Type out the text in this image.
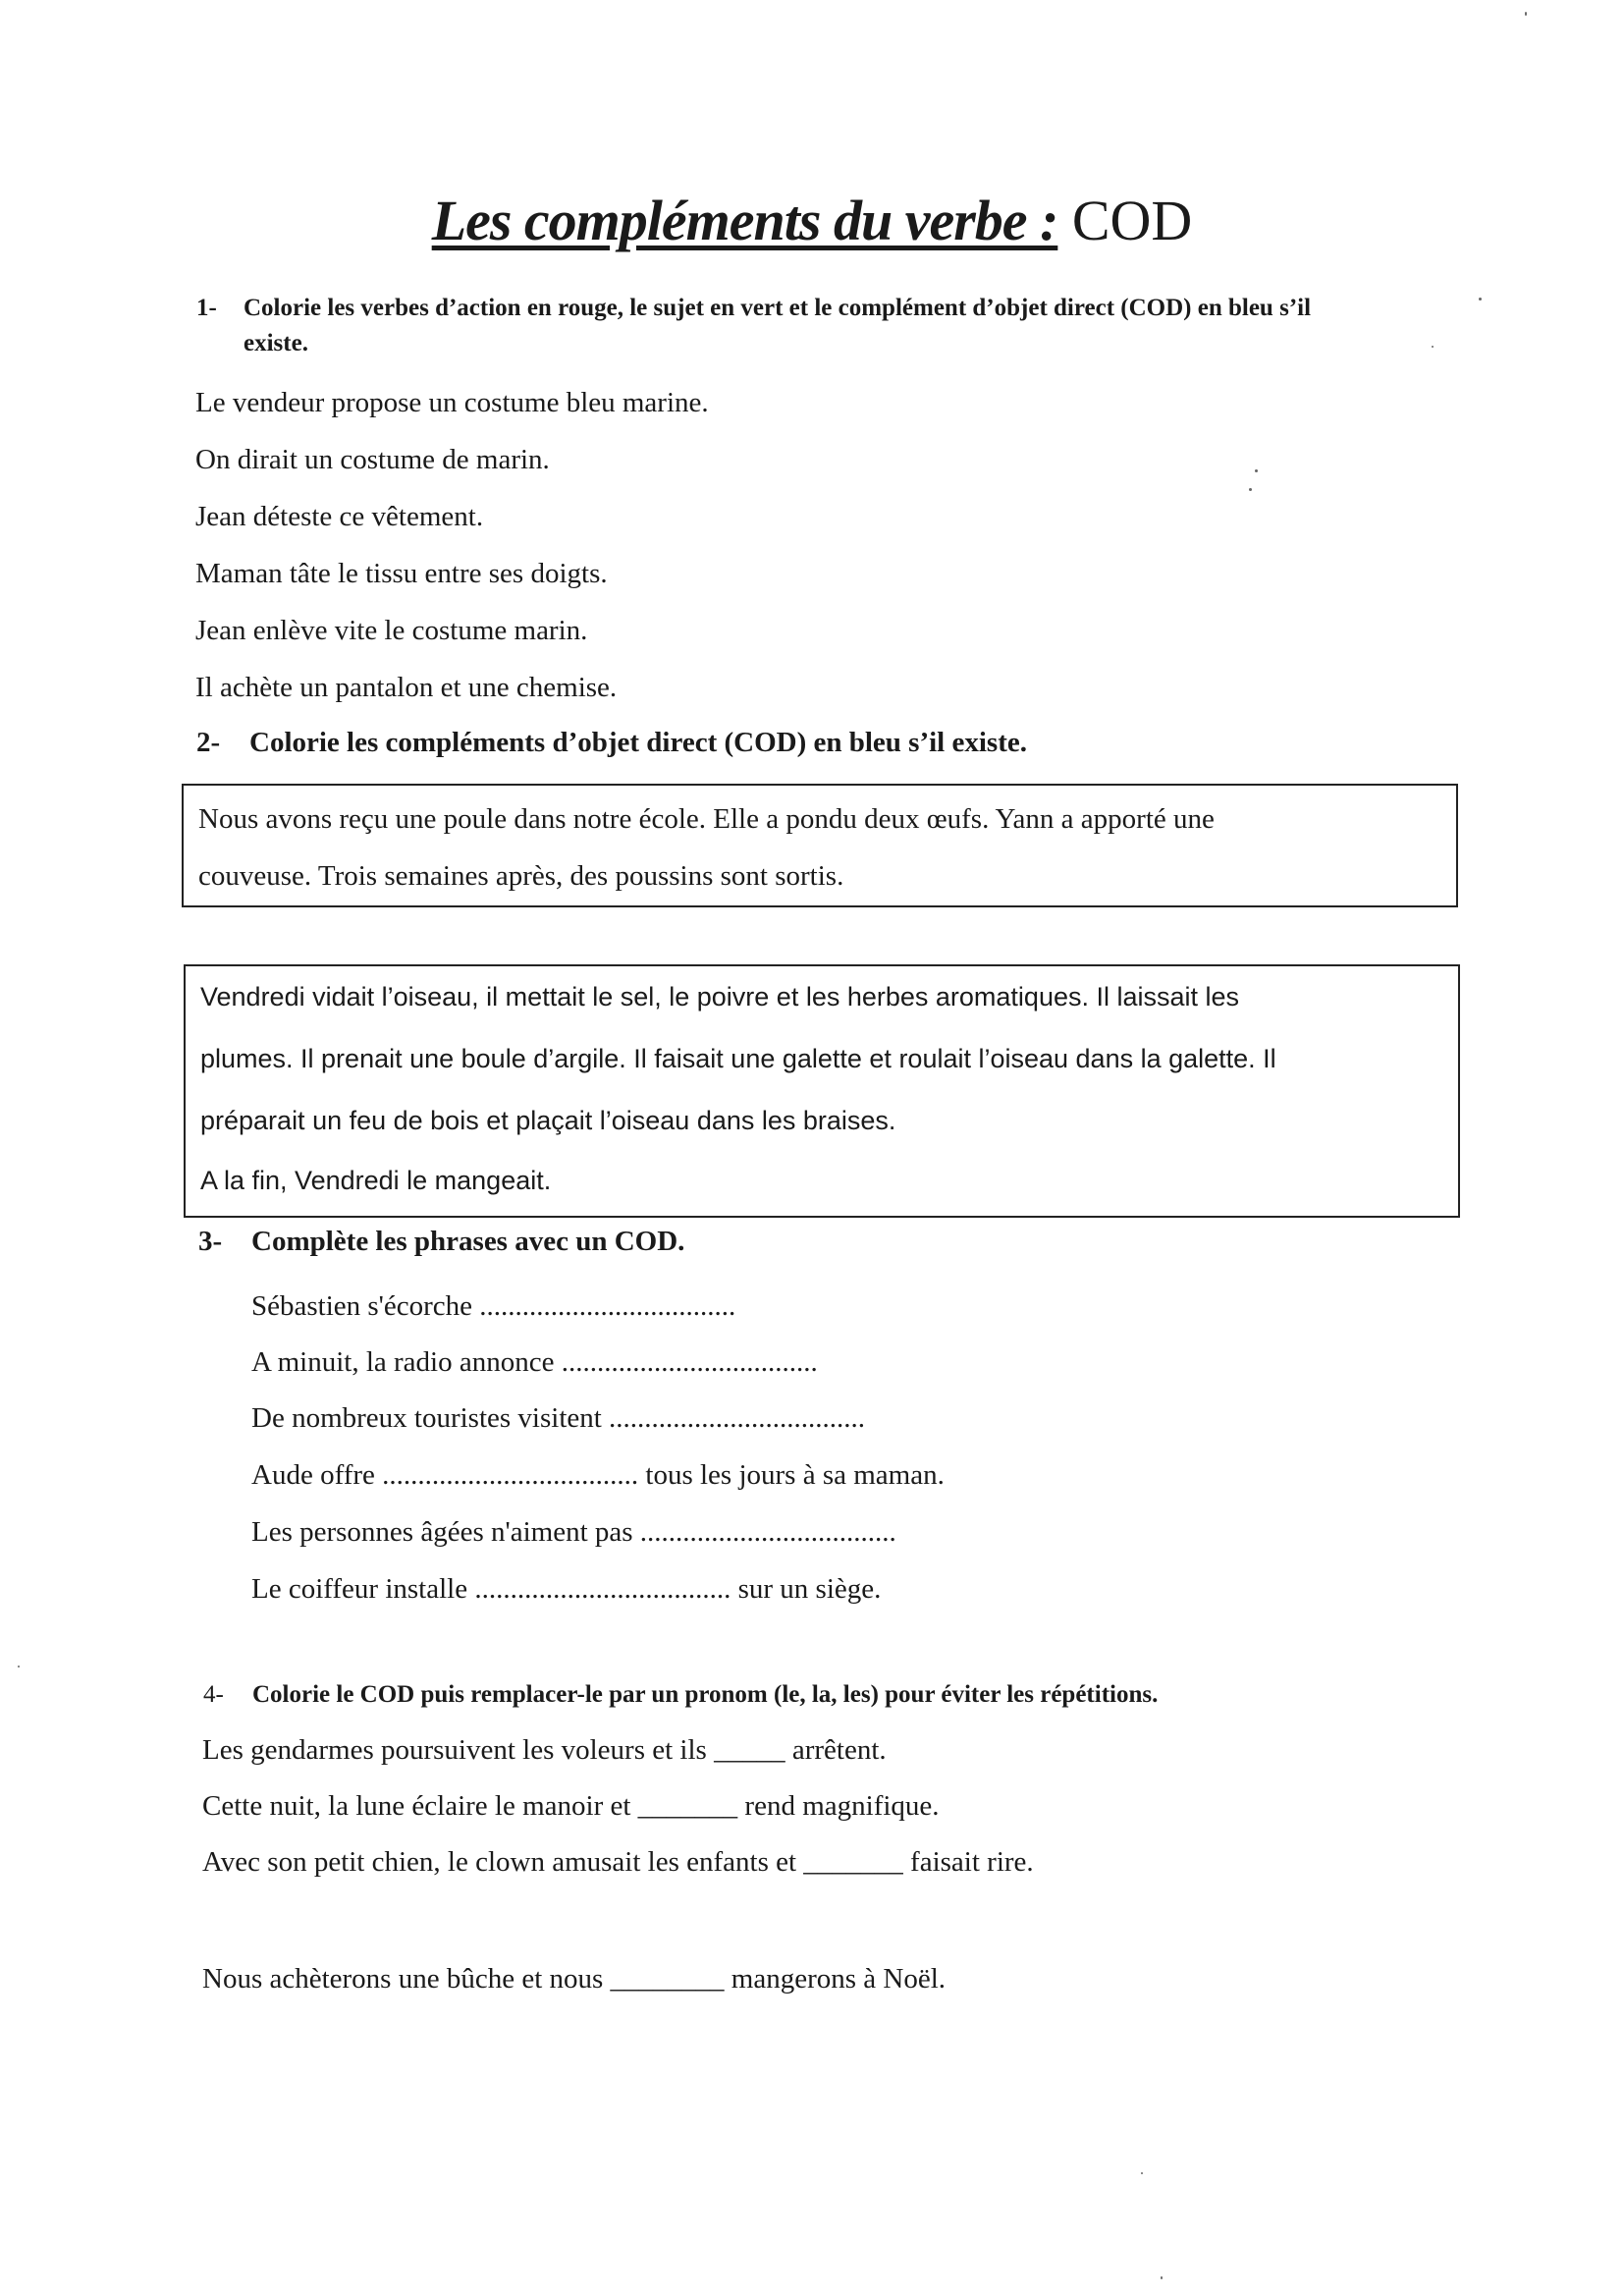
Les compléments du verbe : COD
1- Colorie les verbes d’action en rouge, le sujet en vert et le complément d’objet direct (COD) en bleu s’il
existe.
Le vendeur propose un costume bleu marine.
On dirait un costume de marin.
Jean déteste ce vêtement.
Maman tâte le tissu entre ses doigts.
Jean enlève vite le costume marin.
Il achète un pantalon et une chemise.
2- Colorie les compléments d’objet direct (COD) en bleu s’il existe.

Nous avons reçu une poule dans notre école. Elle a pondu deux œufs. Yann a apporté une

couveuse. Trois semaines après, des poussins sont sortis.

Vendredi vidait l’oiseau, il mettait le sel, le poivre et les herbes aromatiques. Il laissait les

plumes. Il prenait une boule d’argile. Il faisait une galette et roulait l’oiseau dans la galette. Il

préparait un feu de bois et plaçait l’oiseau dans les braises.

A la fin, Vendredi le mangeait.

3- Complète les phrases avec un COD.
Sébastien s'écorche ....................................
A minuit, la radio annonce ....................................
De nombreux touristes visitent ....................................
Aude offre .................................... tous les jours à sa maman.
Les personnes âgées n'aiment pas ....................................
Le coiffeur installe .................................... sur un siège.
4- Colorie le COD puis remplacer-le par un pronom (le, la, les) pour éviter les répétitions.
Les gendarmes poursuivent les voleurs et ils _____ arrêtent.
Cette nuit, la lune éclaire le manoir et _______ rend magnifique.
Avec son petit chien, le clown amusait les enfants et _______ faisait rire.
Nous achèterons une bûche et nous ________ mangerons à Noël.
